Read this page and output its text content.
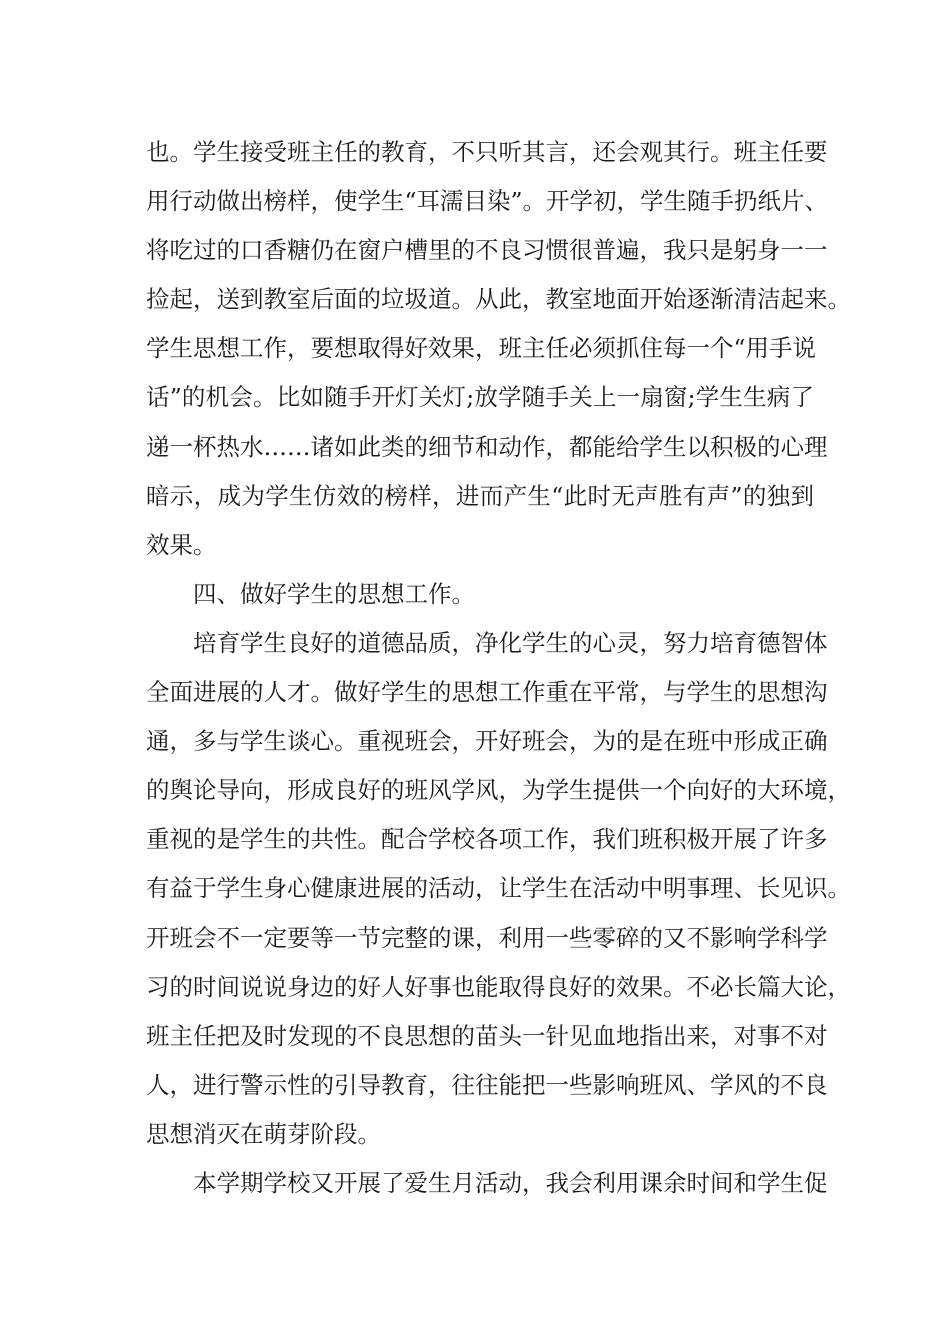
也。学生接受班主任的教育，不只听其言，还会观其行。班主任要
用行动做出榜样，使学生“耳濡目染”。开学初，学生随手扔纸片、
将吃过的口香糖仍在窗户槽里的不良习惯很普遍，我只是躬身一一
捡起，送到教室后面的垃圾道。从此，教室地面开始逐渐清洁起来。
学生思想工作，要想取得好效果，班主任必须抓住每一个“用手说
话”的机会。比如随手开灯关灯;放学随手关上一扇窗;学生生病了
递一杯热水……诸如此类的细节和动作，都能给学生以积极的心理
暗示，成为学生仿效的榜样，进而产生“此时无声胜有声”的独到
效果。
四、做好学生的思想工作。
培育学生良好的道德品质，净化学生的心灵，努力培育德智体
全面进展的人才。做好学生的思想工作重在平常，与学生的思想沟
通，多与学生谈心。重视班会，开好班会，为的是在班中形成正确
的舆论导向，形成良好的班风学风，为学生提供一个向好的大环境，
重视的是学生的共性。配合学校各项工作，我们班积极开展了许多
有益于学生身心健康进展的活动，让学生在活动中明事理、长见识。
开班会不一定要等一节完整的课，利用一些零碎的又不影响学科学
习的时间说说身边的好人好事也能取得良好的效果。不必长篇大论，
班主任把及时发现的不良思想的苗头一针见血地指出来，对事不对
人，进行警示性的引导教育，往往能把一些影响班风、学风的不良
思想消灭在萌芽阶段。
本学期学校又开展了爱生月活动，我会利用课余时间和学生促
